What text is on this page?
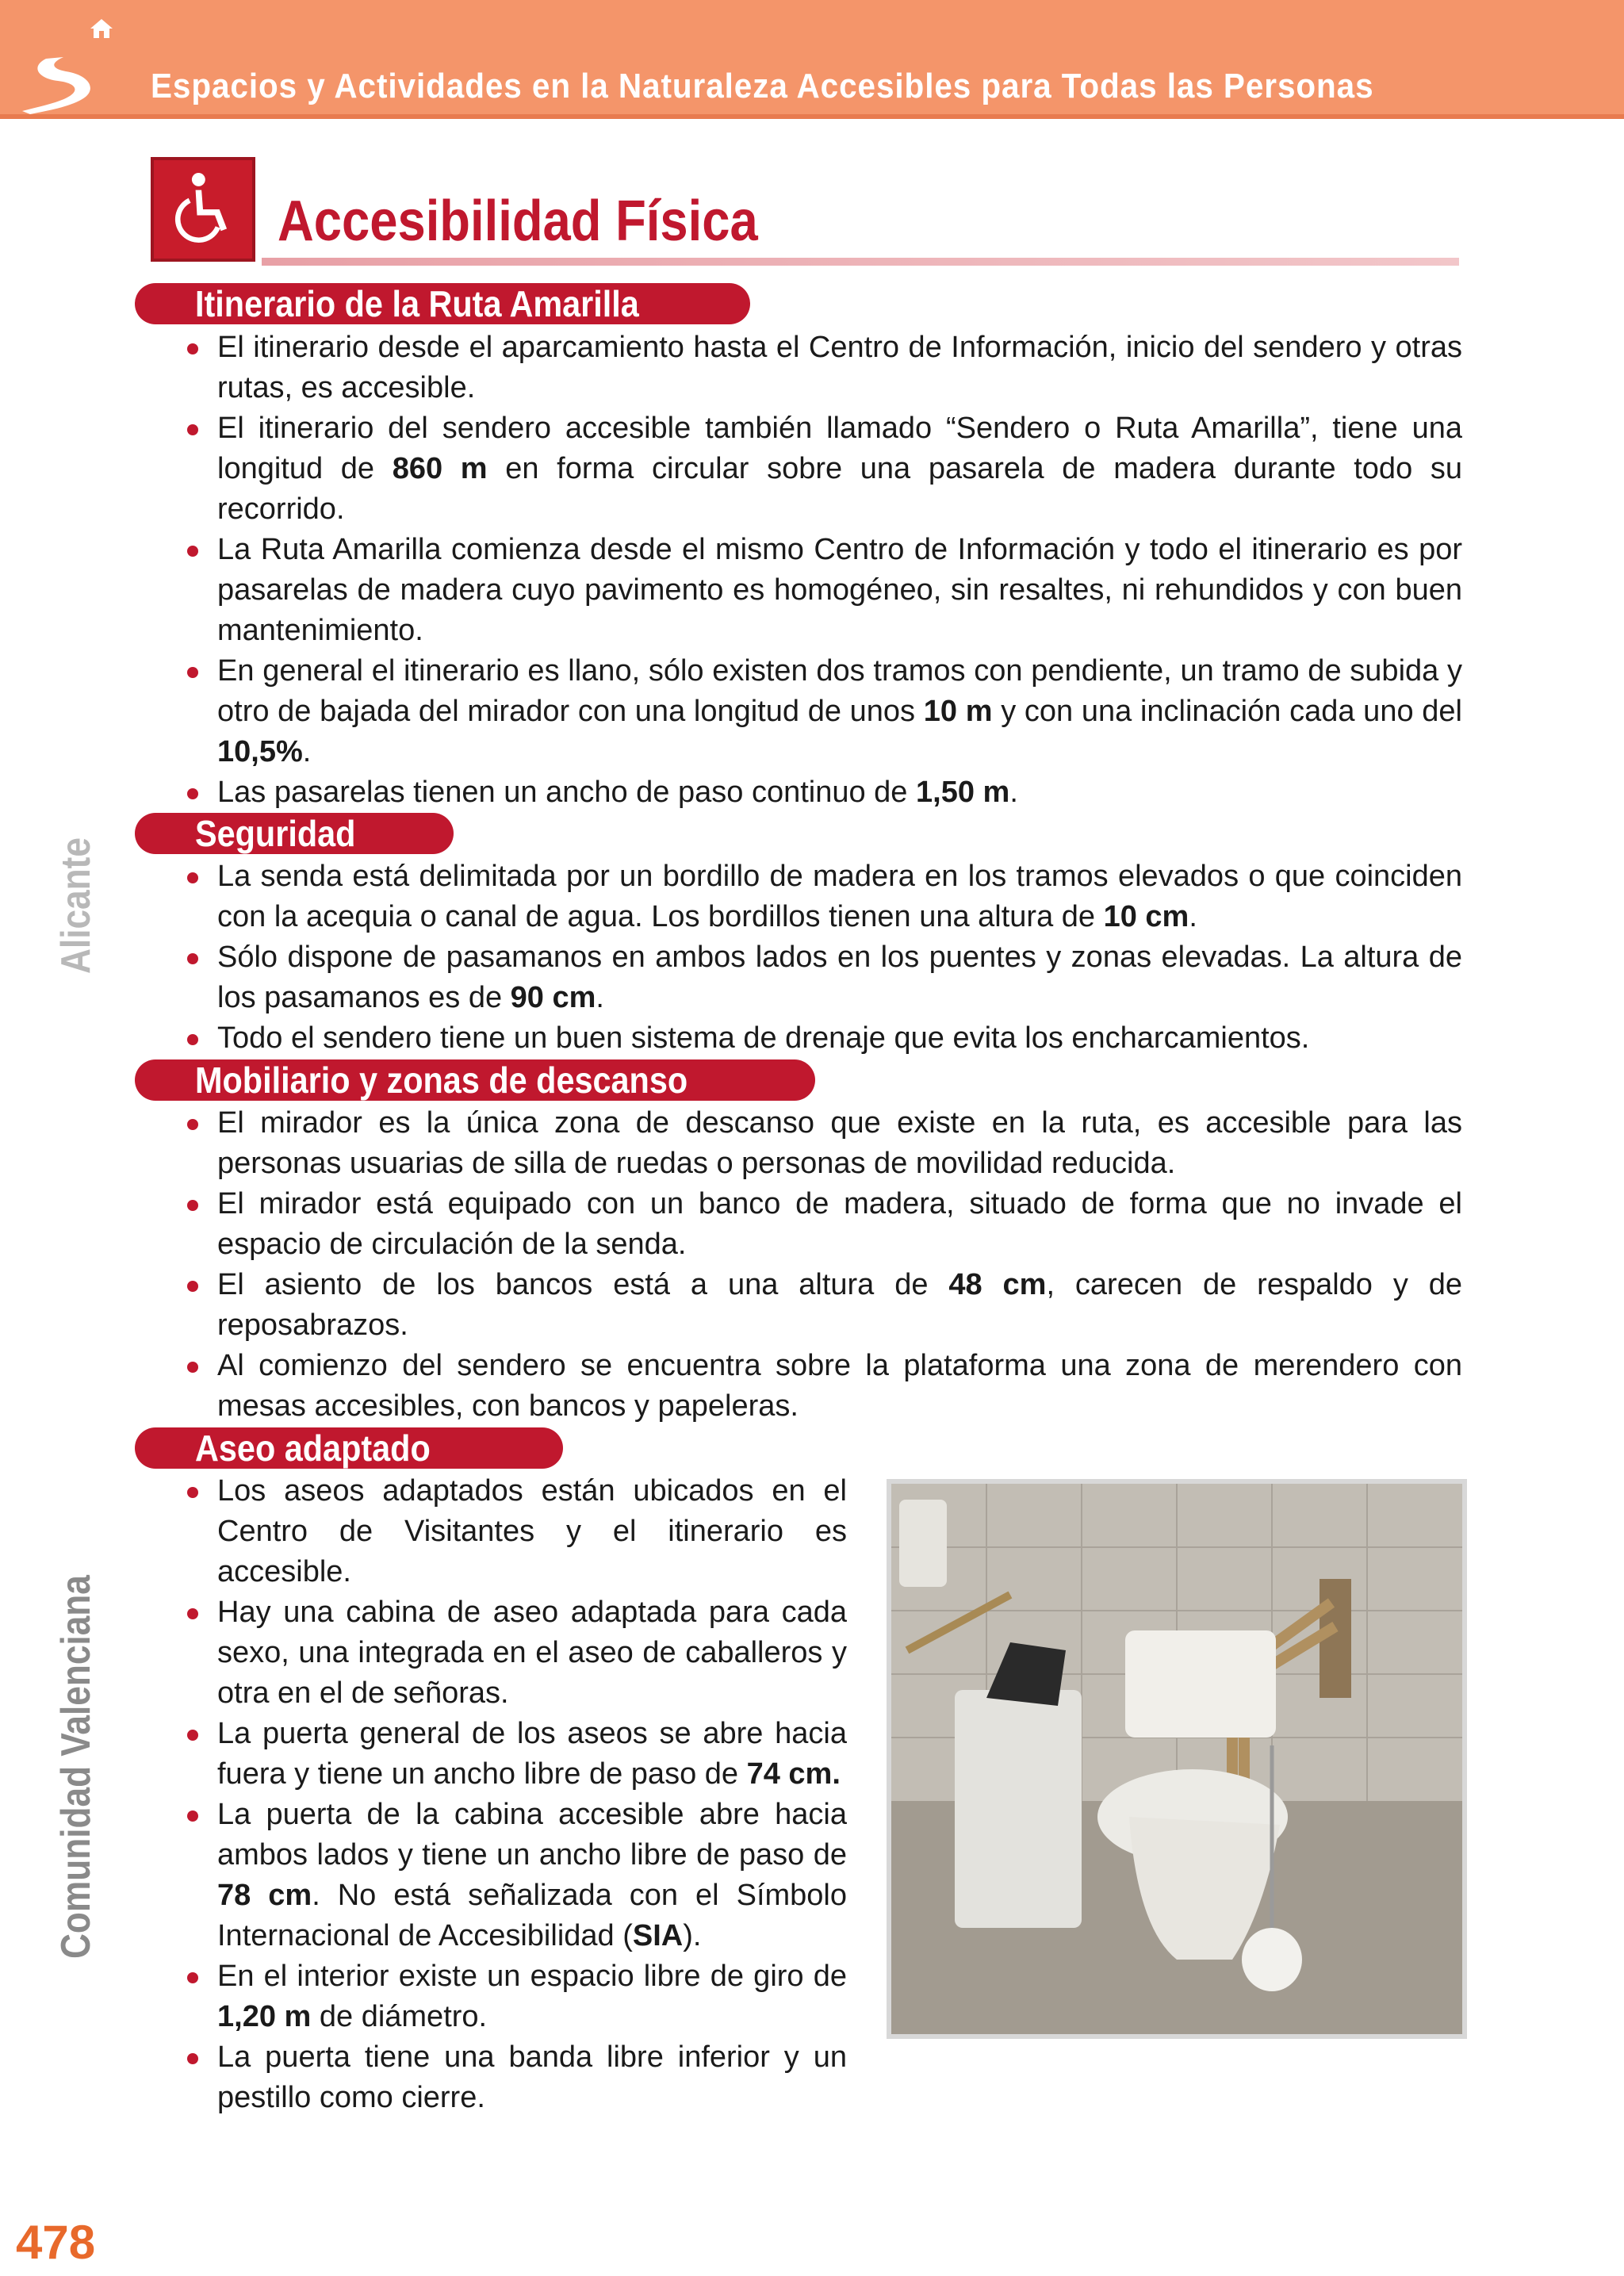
Espacios y Actividades en la Naturaleza Accesibles para Todas las Personas
Accesibilidad Física
Alicante
Comunidad Valenciana
Itinerario de la Ruta Amarilla
El itinerario desde el aparcamiento hasta el Centro de Información, inicio del sendero y otras rutas, es accesible.
El itinerario del sendero accesible también llamado “Sendero o Ruta Amarilla”, tiene una longitud de 860 m en forma circular sobre una pasarela de madera durante todo su recorrido.
La Ruta Amarilla comienza desde el mismo Centro de Información y todo el itinerario es por pasarelas de madera cuyo pavimento es homogéneo, sin resaltes, ni rehundidos y con buen mantenimiento.
En general el itinerario es llano, sólo existen dos tramos con pendiente, un tramo de subida y otro de bajada del mirador con una longitud de unos 10 m y con una inclinación cada uno del 10,5%.
Las pasarelas tienen un ancho de paso continuo de 1,50 m.
Seguridad
La senda está delimitada por un bordillo de madera en los tramos elevados o que coinciden con la acequia o canal de agua. Los bordillos tienen una altura de 10 cm.
Sólo dispone de pasamanos en ambos lados en los puentes y zonas elevadas. La altura de los pasamanos es de 90 cm.
Todo el sendero tiene un buen sistema de drenaje que evita los encharcamientos.
Mobiliario y zonas de descanso
El mirador es la única zona de descanso que existe en la ruta, es accesible para las personas usuarias de silla de ruedas o personas de movilidad reducida.
El mirador está equipado con un banco de madera, situado de forma que no invade el espacio de circulación de la senda.
El asiento de los bancos está a una altura de 48 cm, carecen de respaldo y de reposabrazos.
Al comienzo del sendero se encuentra sobre la plataforma una zona de merendero con mesas accesibles, con bancos y papeleras.
Aseo adaptado
Los aseos adaptados están ubicados en el Centro de Visitantes y el itinerario es accesible.
Hay una cabina de aseo adaptada para cada sexo, una integrada en el aseo de caballeros y otra en el de señoras.
La puerta general de los aseos se abre hacia fuera y tiene un ancho libre de paso de 74 cm.
La puerta de la cabina accesible abre hacia ambos lados y tiene un ancho libre de paso de 78 cm. No está señalizada con el Símbolo Internacional de Accesibilidad (SIA).
En el interior existe un espacio libre de giro de 1,20 m de diámetro.
La puerta tiene una banda libre inferior y un pestillo como cierre.
478
